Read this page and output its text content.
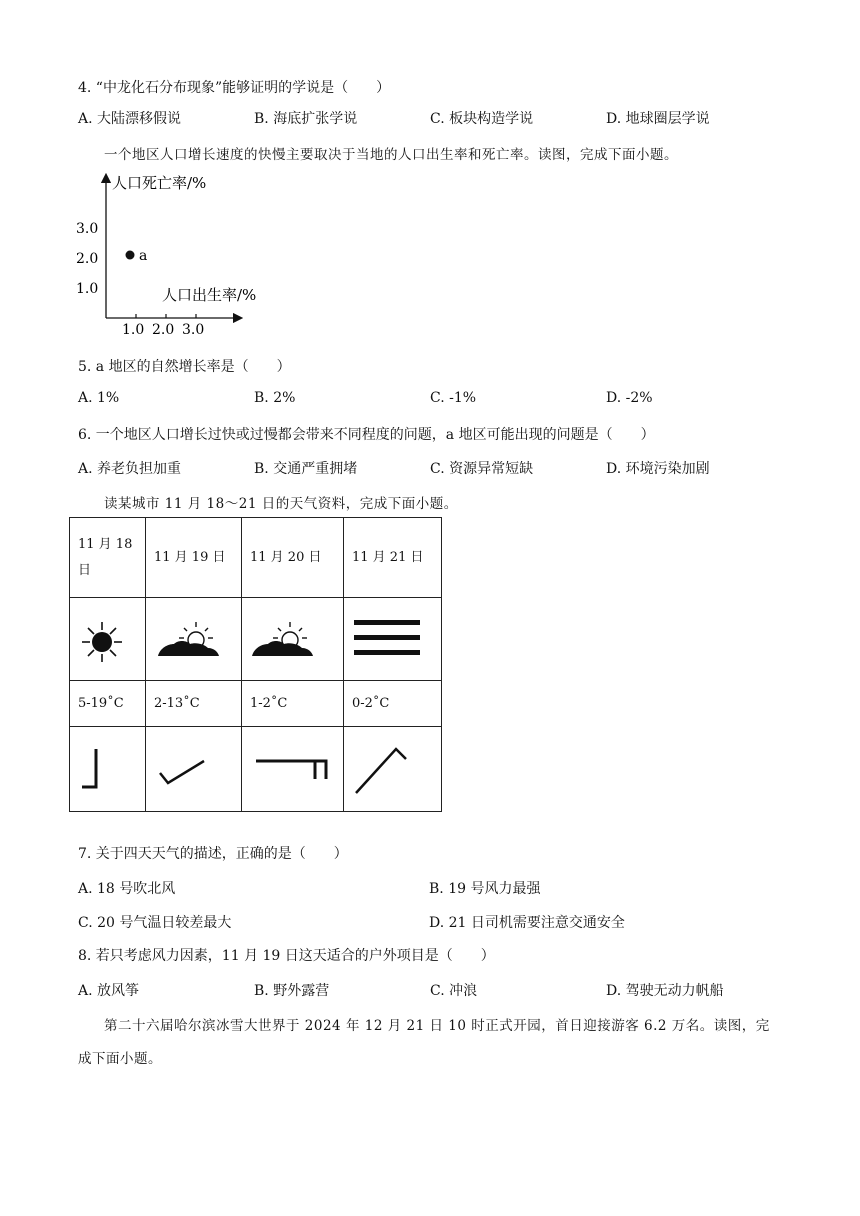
4. “中龙化石分布现象”能够证明的学说是（　　）
A. 大陆漂移假说	B. 海底扩张学说	C. 板块构造学说	D. 地球圈层学说
一个地区人口增长速度的快慢主要取决于当地的人口出生率和死亡率。读图，完成下面小题。
人口死亡率/%
人口出生率/%
1.0
2.0
3.0
1.0 2.0 3.0
a
5. a 地区的自然增长率是（　　）
A. 1%	B. 2%	C. -1%	D. -2%
6. 一个地区人口增长过快或过慢都会带来不同程度的问题，a 地区可能出现的问题是（　　）
A. 养老负担加重	B. 交通严重拥堵	C. 资源异常短缺	D. 环境污染加剧
读某城市 11 月 18～21 日的天气资料，完成下面小题。
11 月 18 日	11 月 19 日	11 月 20 日	11 月 21 日

5-19˚C	2-13˚C	1-2˚C	0-2˚C

7. 关于四天天气的描述，正确的是（　　）
A. 18 号吹北风	B. 19 号风力最强
C. 20 号气温日较差最大	D. 21 日司机需要注意交通安全
8. 若只考虑风力因素，11 月 19 日这天适合的户外项目是（　　）
A. 放风筝	B. 野外露营	C. 冲浪	D. 驾驶无动力帆船
第二十六届哈尔滨冰雪大世界于 2024 年 12 月 21 日 10 时正式开园，首日迎接游客 6.2 万名。读图，完
成下面小题。
